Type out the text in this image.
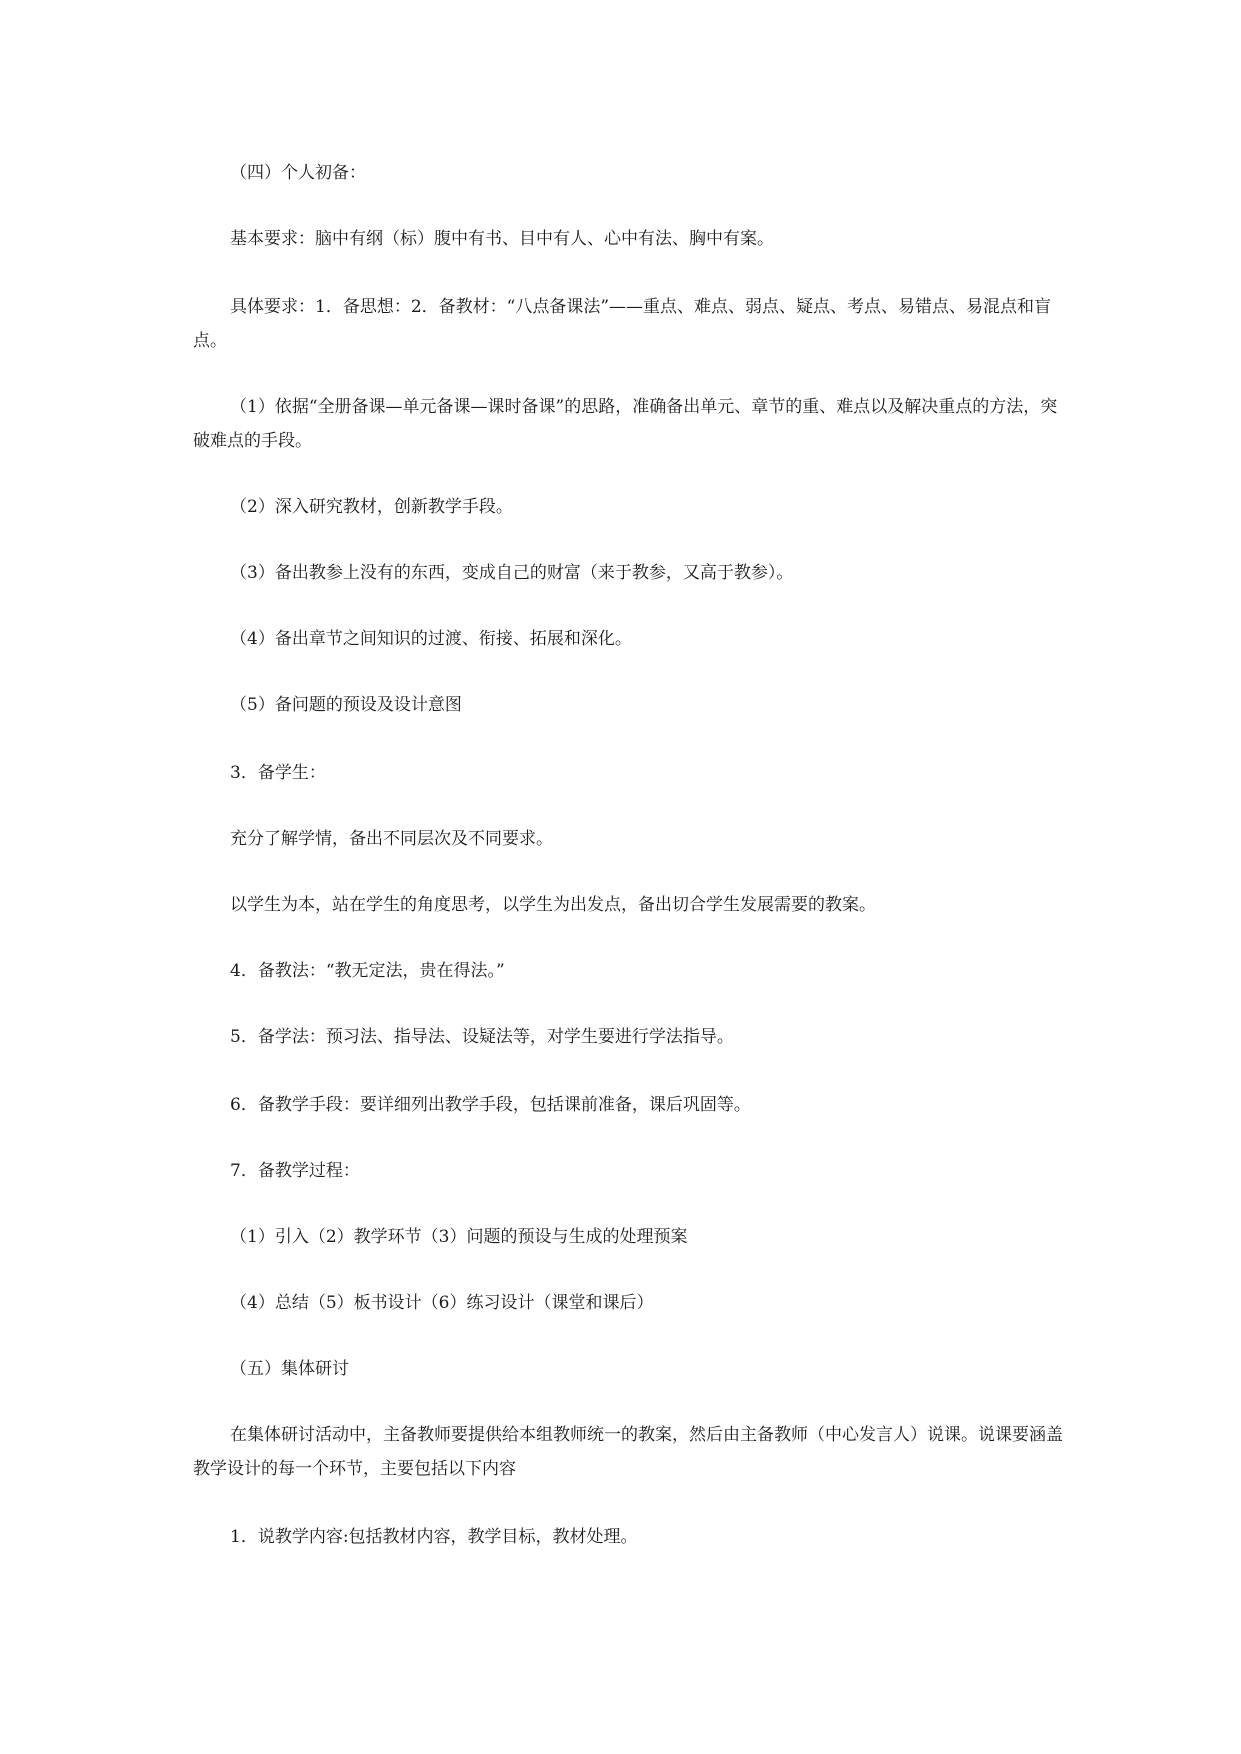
（四）个人初备：

基本要求：脑中有纲（标）腹中有书、目中有人、心中有法、胸中有案。

具体要求：1．备思想：2．备教材：“八点备课法”——重点、难点、弱点、疑点、考点、易错点、易混点和盲点。

（1）依据“全册备课—单元备课—课时备课”的思路，准确备出单元、章节的重、难点以及解决重点的方法，突破难点的手段。

（2）深入研究教材，创新教学手段。

（3）备出教参上没有的东西，变成自己的财富（来于教参，又高于教参）。

（4）备出章节之间知识的过渡、衔接、拓展和深化。

（5）备问题的预设及设计意图

3．备学生：

充分了解学情，备出不同层次及不同要求。

以学生为本，站在学生的角度思考，以学生为出发点，备出切合学生发展需要的教案。

4．备教法：“教无定法，贵在得法。”

5．备学法：预习法、指导法、设疑法等，对学生要进行学法指导。

6．备教学手段：要详细列出教学手段，包括课前准备，课后巩固等。

7．备教学过程：

（1）引入（2）教学环节（3）问题的预设与生成的处理预案

（4）总结（5）板书设计（6）练习设计（课堂和课后）

（五）集体研讨

在集体研讨活动中，主备教师要提供给本组教师统一的教案，然后由主备教师（中心发言人）说课。说课要涵盖教学设计的每一个环节，主要包括以下内容

1．说教学内容:包括教材内容，教学目标，教材处理。
